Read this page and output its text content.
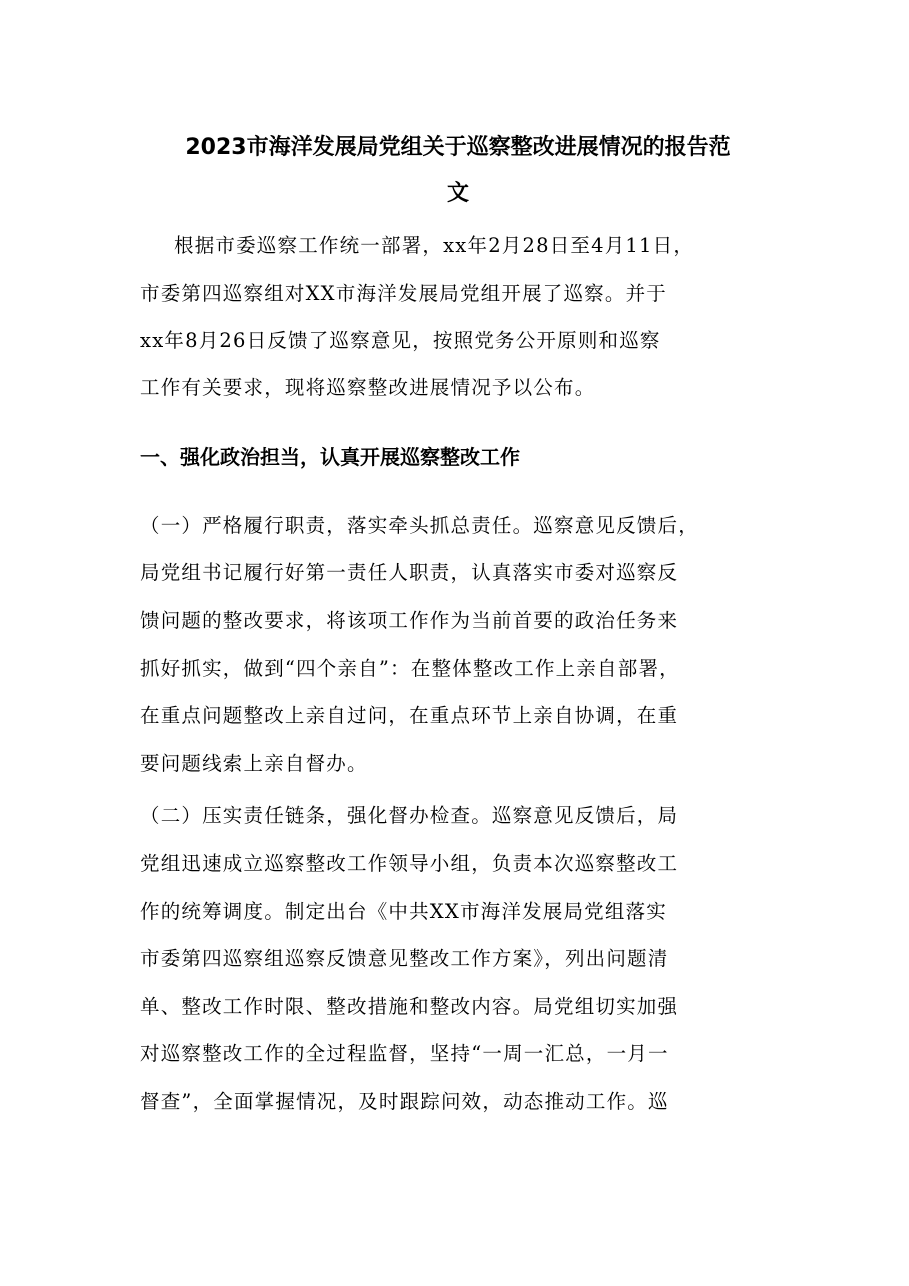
2023市海洋发展局党组关于巡察整改进展情况的报告范
文

根据市委巡察工作统一部署，xx年2月28日至4月11日，

市委第四巡察组对XX市海洋发展局党组开展了巡察。并于

xx年8月26日反馈了巡察意见，按照党务公开原则和巡察

工作有关要求，现将巡察整改进展情况予以公布。

一、强化政治担当，认真开展巡察整改工作

（一）严格履行职责，落实牵头抓总责任。巡察意见反馈后，

局党组书记履行好第一责任人职责，认真落实市委对巡察反

馈问题的整改要求，将该项工作作为当前首要的政治任务来

抓好抓实，做到“四个亲自”：在整体整改工作上亲自部署，

在重点问题整改上亲自过问，在重点环节上亲自协调，在重

要问题线索上亲自督办。

（二）压实责任链条，强化督办检查。巡察意见反馈后，局

党组迅速成立巡察整改工作领导小组，负责本次巡察整改工

作的统筹调度。制定出台《中共XX市海洋发展局党组落实

市委第四巡察组巡察反馈意见整改工作方案》，列出问题清

单、整改工作时限、整改措施和整改内容。局党组切实加强

对巡察整改工作的全过程监督，坚持“一周一汇总，一月一

督查”，全面掌握情况，及时跟踪问效，动态推动工作。巡
